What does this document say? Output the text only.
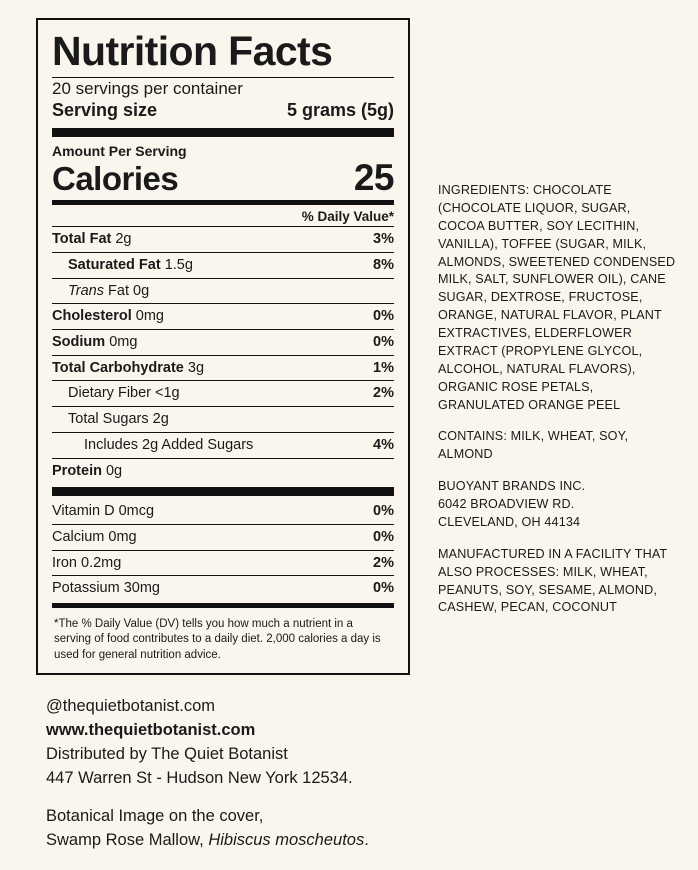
Nutrition Facts
20 servings per container
Serving size	5 grams (5g)
Amount Per Serving
Calories	25
% Daily Value*
Total Fat 2g	3%
Saturated Fat 1.5g	8%
Trans Fat 0g
Cholesterol 0mg	0%
Sodium 0mg	0%
Total Carbohydrate 3g	1%
Dietary Fiber <1g	2%
Total Sugars 2g
Includes 2g Added Sugars	4%
Protein 0g
Vitamin D 0mcg	0%
Calcium 0mg	0%
Iron 0.2mg	2%
Potassium 30mg	0%
*The % Daily Value (DV) tells you how much a nutrient in a serving of food contributes to a daily diet. 2,000 calories a day is used for general nutrition advice.

INGREDIENTS: CHOCOLATE (CHOCOLATE LIQUOR, SUGAR, COCOA BUTTER, SOY LECITHIN, VANILLA), TOFFEE (SUGAR, MILK, ALMONDS, SWEETENED CONDENSED MILK, SALT, SUNFLOWER OIL), CANE SUGAR, DEXTROSE, FRUCTOSE, ORANGE, NATURAL FLAVOR, PLANT EXTRACTIVES, ELDERFLOWER EXTRACT (PROPYLENE GLYCOL, ALCOHOL, NATURAL FLAVORS), ORGANIC ROSE PETALS, GRANULATED ORANGE PEEL

CONTAINS: MILK, WHEAT, SOY, ALMOND

BUOYANT BRANDS INC.
6042 BROADVIEW RD.
CLEVELAND, OH 44134

MANUFACTURED IN A FACILITY THAT ALSO PROCESSES: MILK, WHEAT, PEANUTS, SOY, SESAME, ALMOND, CASHEW, PECAN, COCONUT

@thequietbotanist.com
www.thequietbotanist.com
Distributed by The Quiet Botanist
447 Warren St - Hudson New York 12534.
Botanical Image on the cover,
Swamp Rose Mallow, Hibiscus moscheutos.
